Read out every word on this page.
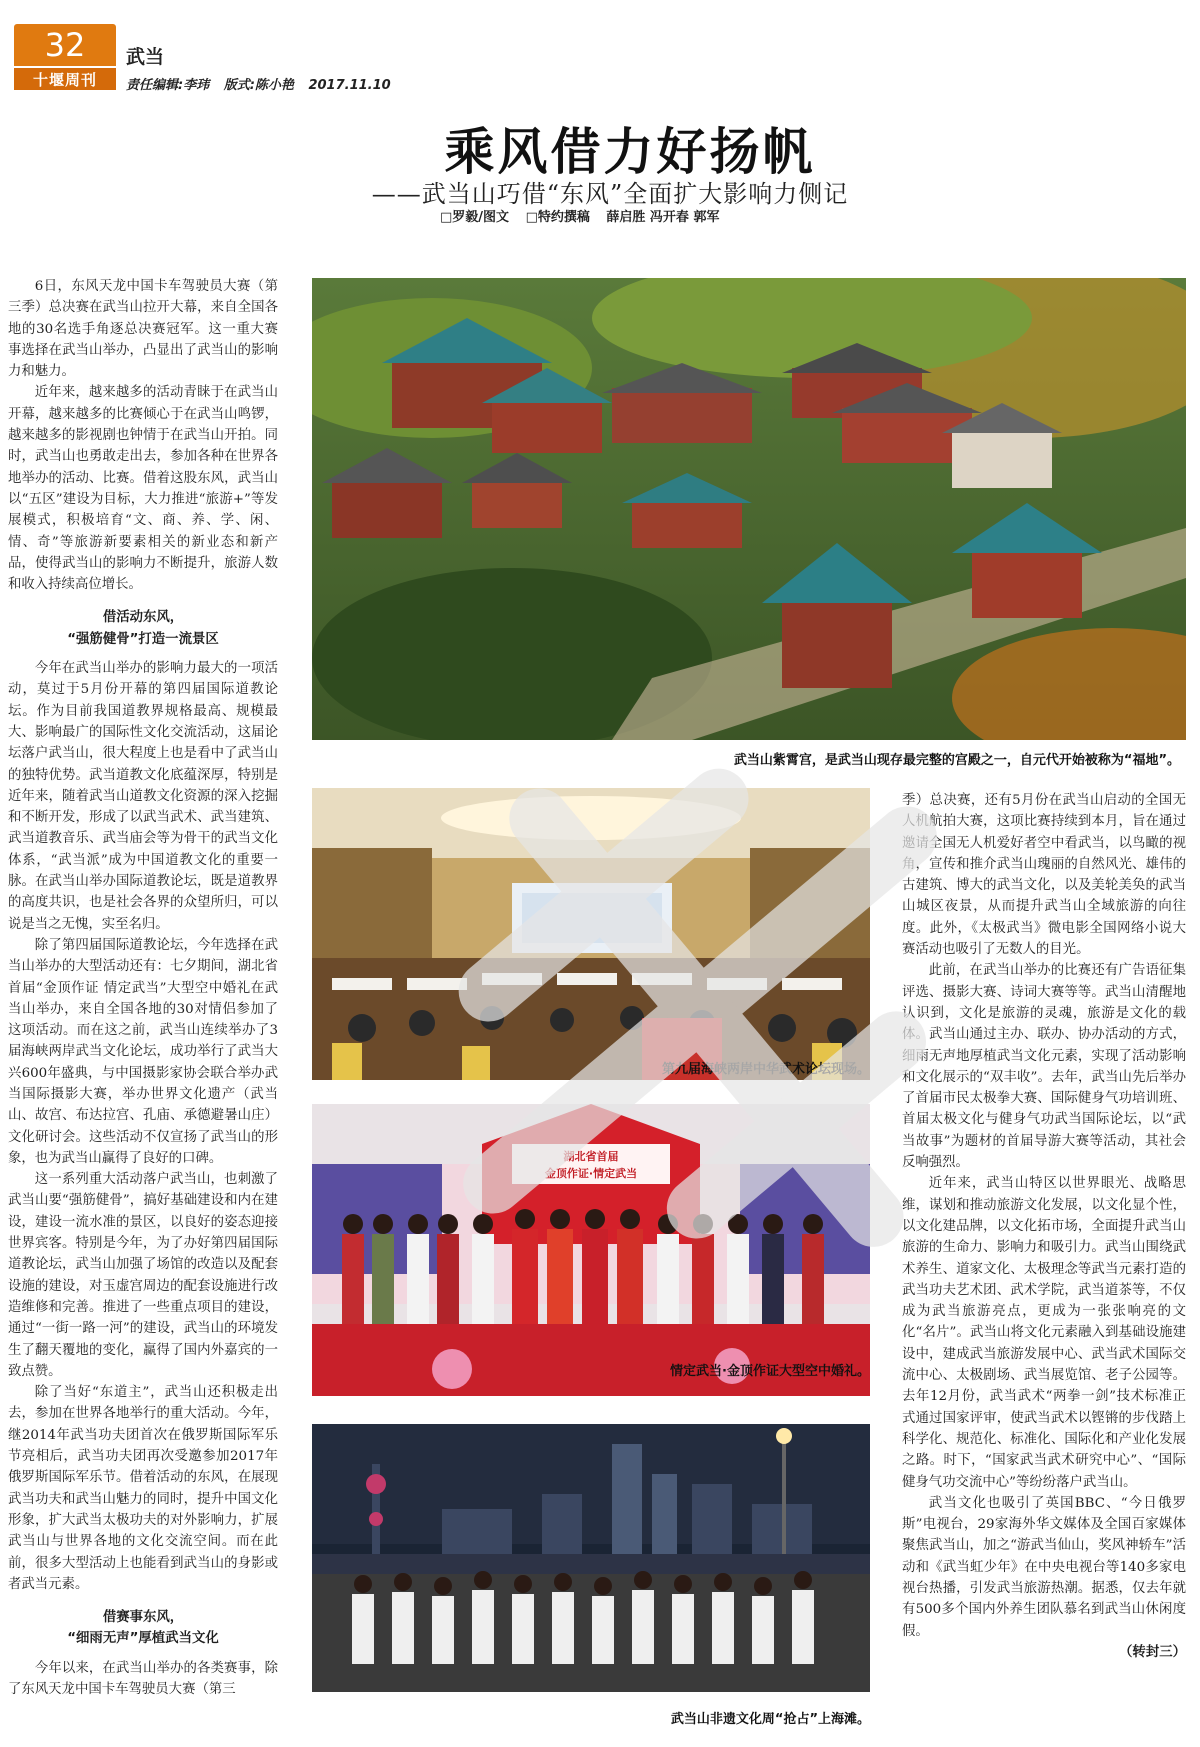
32
十堰周刊
武当
责任编辑:李玮 版式:陈小艳 2017.11.10
乘风借力好扬帆
——武当山巧借“东风”全面扩大影响力侧记
□罗毅/图文 □特约撰稿 薛启胜 冯开春 郭军

6日，东风天龙中国卡车驾驶员大赛（第三季）总决赛在武当山拉开大幕，来自全国各地的30名选手角逐总决赛冠军。这一重大赛事选择在武当山举办，凸显出了武当山的影响力和魅力。

近年来，越来越多的活动青睐于在武当山开幕，越来越多的比赛倾心于在武当山鸣锣，越来越多的影视剧也钟情于在武当山开拍。同时，武当山也勇敢走出去，参加各种在世界各地举办的活动、比赛。借着这股东风，武当山以“五区”建设为目标，大力推进“旅游+”等发展模式，积极培育“文、商、养、学、闲、情、奇”等旅游新要素相关的新业态和新产品，使得武当山的影响力不断提升，旅游人数和收入持续高位增长。

借活动东风，
“强筋健骨”打造一流景区

今年在武当山举办的影响力最大的一项活动，莫过于5月份开幕的第四届国际道教论坛。作为目前我国道教界规格最高、规模最大、影响最广的国际性文化交流活动，这届论坛落户武当山，很大程度上也是看中了武当山的独特优势。武当道教文化底蕴深厚，特别是近年来，随着武当山道教文化资源的深入挖掘和不断开发，形成了以武当武术、武当建筑、武当道教音乐、武当庙会等为骨干的武当文化体系，“武当派”成为中国道教文化的重要一脉。在武当山举办国际道教论坛，既是道教界的高度共识，也是社会各界的众望所归，可以说是当之无愧，实至名归。

除了第四届国际道教论坛，今年选择在武当山举办的大型活动还有：七夕期间，湖北省首届“金顶作证 情定武当”大型空中婚礼在武当山举办，来自全国各地的30对情侣参加了这项活动。而在这之前，武当山连续举办了3届海峡两岸武当文化论坛，成功举行了武当大兴600年盛典，与中国摄影家协会联合举办武当国际摄影大赛，举办世界文化遗产（武当山、故宫、布达拉宫、孔庙、承德避暑山庄）文化研讨会。这些活动不仅宣扬了武当山的形象，也为武当山赢得了良好的口碑。

这一系列重大活动落户武当山，也刺激了武当山要“强筋健骨”，搞好基础建设和内在建设，建设一流水准的景区，以良好的姿态迎接世界宾客。特别是今年，为了办好第四届国际道教论坛，武当山加强了场馆的改造以及配套设施的建设，对玉虚宫周边的配套设施进行改造维修和完善。推进了一些重点项目的建设，通过“一街一路一河”的建设，武当山的环境发生了翻天覆地的变化，赢得了国内外嘉宾的一致点赞。

除了当好“东道主”，武当山还积极走出去，参加在世界各地举行的重大活动。今年，继2014年武当功夫团首次在俄罗斯国际军乐节亮相后，武当功夫团再次受邀参加2017年俄罗斯国际军乐节。借着活动的东风，在展现武当功夫和武当山魅力的同时，提升中国文化形象，扩大武当太极功夫的对外影响力，扩展武当山与世界各地的文化交流空间。而在此前，很多大型活动上也能看到武当山的身影或者武当元素。

借赛事东风，
“细雨无声”厚植武当文化

今年以来，在武当山举办的各类赛事，除了东风天龙中国卡车驾驶员大赛（第三

季）总决赛，还有5月份在武当山启动的全国无人机航拍大赛，这项比赛持续到本月，旨在通过邀请全国无人机爱好者空中看武当，以鸟瞰的视角，宣传和推介武当山瑰丽的自然风光、雄伟的古建筑、博大的武当文化，以及美轮美奂的武当山城区夜景，从而提升武当山全域旅游的向往度。此外，《太极武当》微电影全国网络小说大赛活动也吸引了无数人的目光。

此前，在武当山举办的比赛还有广告语征集评选、摄影大赛、诗词大赛等等。武当山清醒地认识到，文化是旅游的灵魂，旅游是文化的载体。武当山通过主办、联办、协办活动的方式，细雨无声地厚植武当文化元素，实现了活动影响和文化展示的“双丰收”。去年，武当山先后举办了首届市民太极拳大赛、国际健身气功培训班、首届太极文化与健身气功武当国际论坛，以“武当故事”为题材的首届导游大赛等活动，其社会反响强烈。

近年来，武当山特区以世界眼光、战略思维，谋划和推动旅游文化发展，以文化显个性，以文化建品牌，以文化拓市场，全面提升武当山旅游的生命力、影响力和吸引力。武当山围绕武术养生、道家文化、太极理念等武当元素打造的武当功夫艺术团、武术学院，武当道茶等，不仅成为武当旅游亮点，更成为一张张响亮的文化“名片”。武当山将文化元素融入到基础设施建设中，建成武当旅游发展中心、武当武术国际交流中心、太极剧场、武当展览馆、老子公园等。去年12月份，武当武术“两拳一剑”技术标准正式通过国家评审，使武当武术以铿锵的步伐踏上科学化、规范化、标准化、国际化和产业化发展之路。时下，“国家武当武术研究中心”、“国际健身气功交流中心”等纷纷落户武当山。

武当文化也吸引了英国BBC、“今日俄罗斯”电视台，29家海外华文媒体及全国百家媒体聚焦武当山，加之“游武当仙山，奖风神轿车”活动和《武当虹少年》在中央电视台等140多家电视台热播，引发武当旅游热潮。据悉，仅去年就有500多个国内外养生团队慕名到武当山休闲度假。

（转封三）

武当山紫霄宫，是武当山现存最完整的宫殿之一，自元代开始被称为“福地”。
第九届海峡两岸中华武术论坛现场。
湖北省首届
金顶作证·情定武当
情定武当·金顶作证大型空中婚礼。
武当山非遗文化周“抢占”上海滩。
